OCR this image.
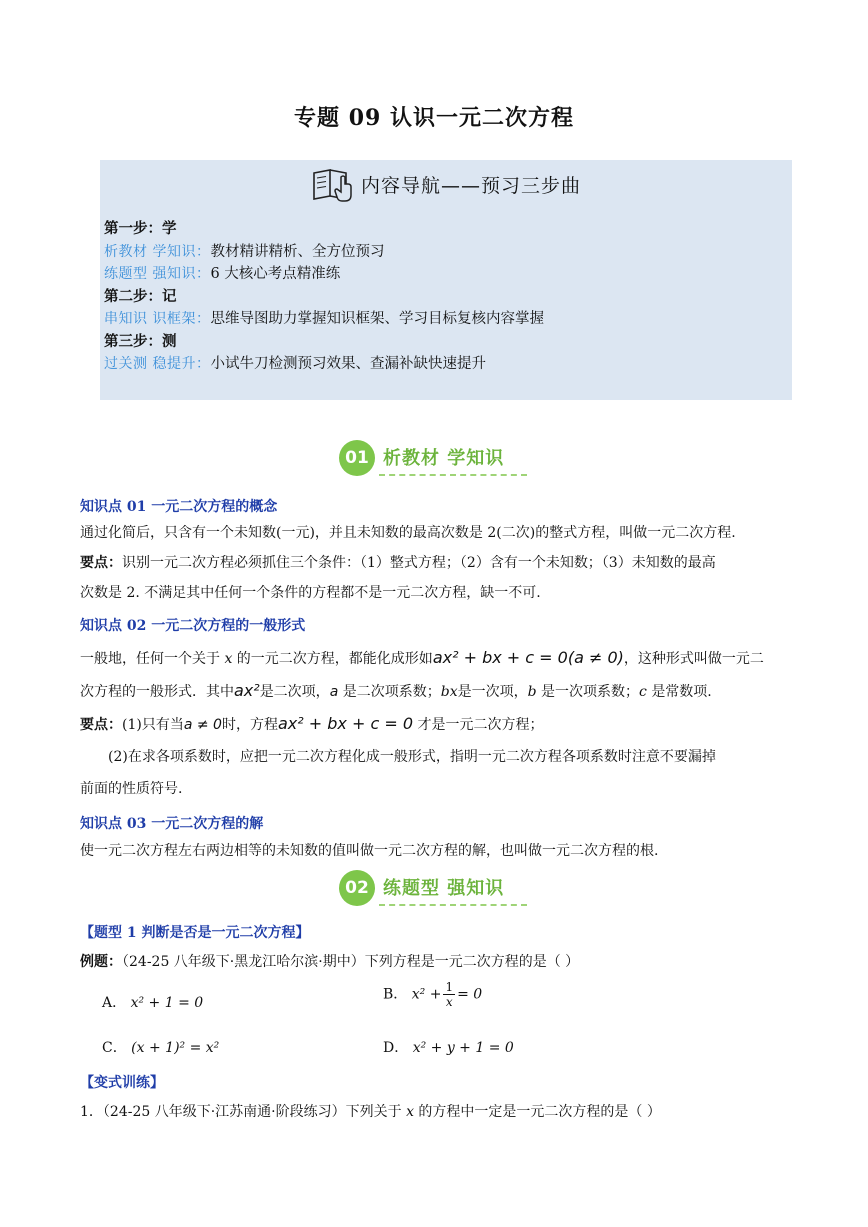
专题 09 认识一元二次方程
内容导航——预习三步曲
第一步：学
析教材 学知识：教材精讲精析、全方位预习
练题型 强知识：6 大核心考点精准练
第二步：记
串知识 识框架：思维导图助力掌握知识框架、学习目标复核内容掌握
第三步：测
过关测 稳提升：小试牛刀检测预习效果、查漏补缺快速提升
01 析教材 学知识
知识点 01 一元二次方程的概念
通过化简后，只含有一个未知数(一元)，并且未知数的最高次数是 2(二次)的整式方程，叫做一元二次方程.
要点：识别一元二次方程必须抓住三个条件：（1）整式方程；（2）含有一个未知数；（3）未知数的最高
次数是 2. 不满足其中任何一个条件的方程都不是一元二次方程，缺一不可.
知识点 02 一元二次方程的一般形式
一般地，任何一个关于 x 的一元二次方程，都能化成形如ax² + bx + c = 0(a ≠ 0)，这种形式叫做一元二
次方程的一般形式．其中ax²是二次项，a 是二次项系数；bx是一次项，b 是一次项系数；c 是常数项.
要点：(1)只有当a ≠ 0时，方程ax² + bx + c = 0 才是一元二次方程；
(2)在求各项系数时，应把一元二次方程化成一般形式，指明一元二次方程各项系数时注意不要漏掉
前面的性质符号.
知识点 03 一元二次方程的解
使一元二次方程左右两边相等的未知数的值叫做一元二次方程的解，也叫做一元二次方程的根.
02 练题型 强知识
【题型 1 判断是否是一元二次方程】
例题：（24-25 八年级下·黑龙江哈尔滨·期中）下列方程是一元二次方程的是（ ）
A． x² + 1 = 0
B． $x^2 + \frac{1}{x} = 0$
C． (x + 1)² = x²	D． x² + y + 1 = 0
【变式训练】
1．（24-25 八年级下·江苏南通·阶段练习）下列关于 x 的方程中一定是一元二次方程的是（ ）
